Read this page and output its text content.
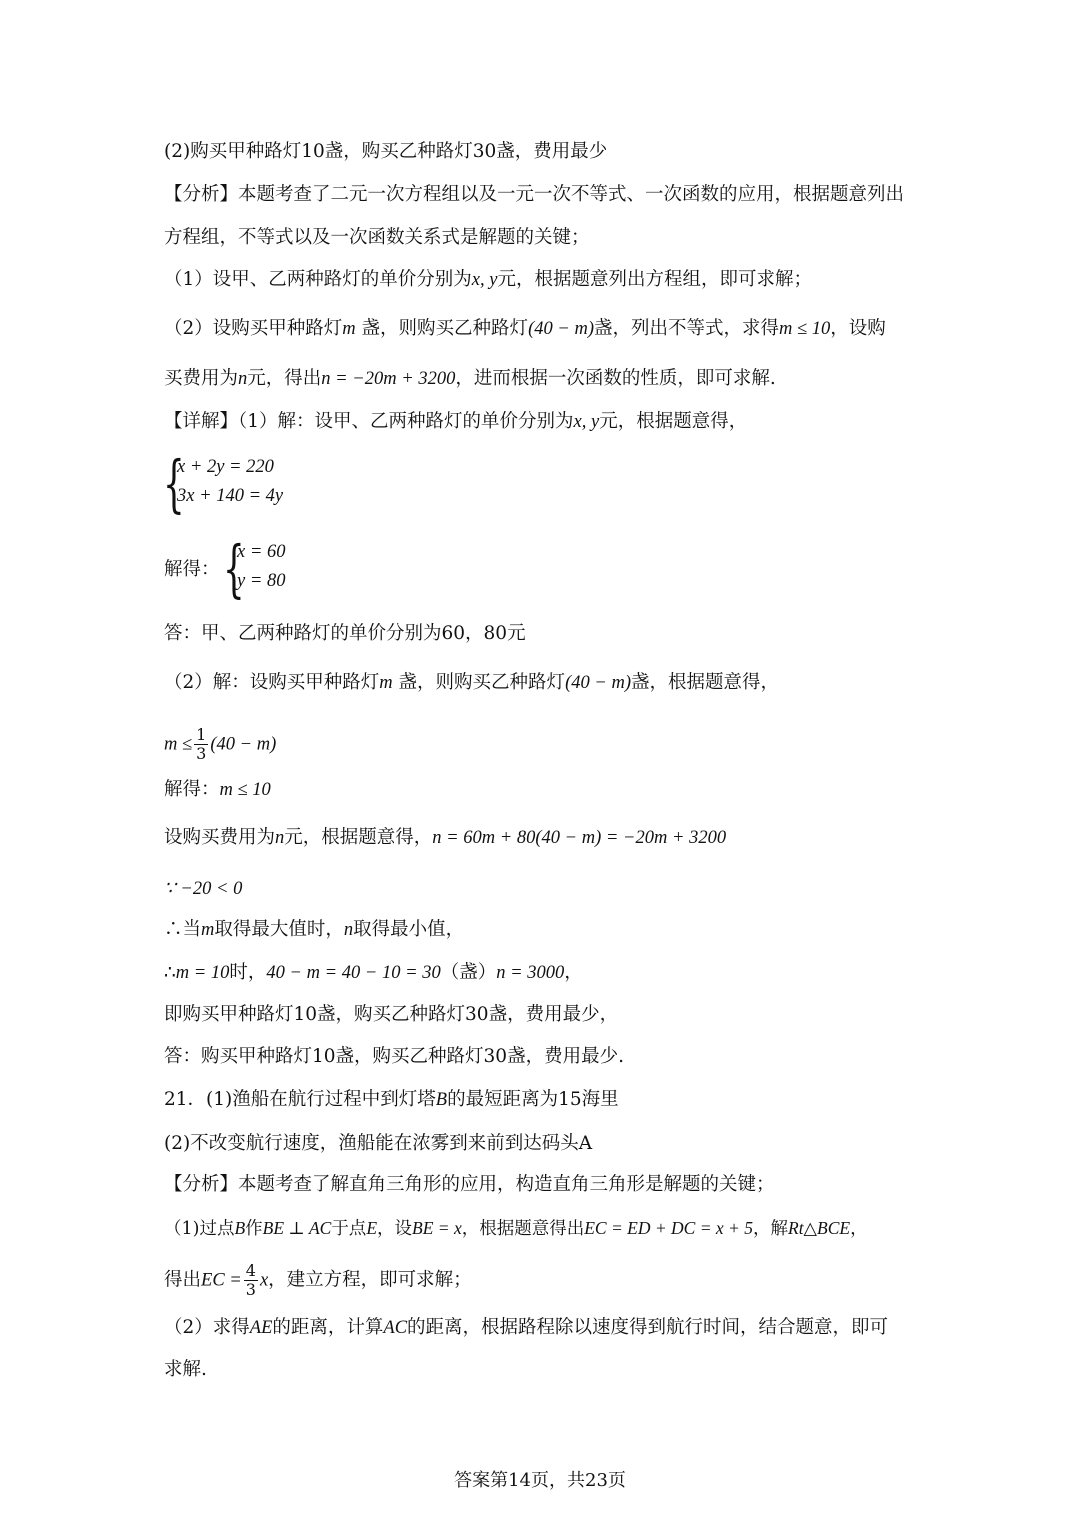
(2)购买甲种路灯10盏，购买乙种路灯30盏，费用最少
【分析】本题考查了二元一次方程组以及一元一次不等式、一次函数的应用，根据题意列出
方程组，不等式以及一次函数关系式是解题的关键；
（1）设甲、乙两种路灯的单价分别为x, y元，根据题意列出方程组，即可求解；
（2）设购买甲种路灯m 盏，则购买乙种路灯(40 − m)盏，列出不等式，求得m ≤ 10，设购
买费用为n元，得出n = −20m + 3200，进而根据一次函数的性质，即可求解.
【详解】（1）解：设甲、乙两种路灯的单价分别为x, y元，根据题意得，
{
x + 2y = 220
3x + 140 = 4y
解得： {
x = 60
y = 80
答：甲、乙两种路灯的单价分别为60，80元
（2）解：设购买甲种路灯m 盏，则购买乙种路灯(40 − m)盏，根据题意得，
$m \le \frac{1}{3} (40 - m)$
解得：m ≤ 10
设购买费用为n元，根据题意得，n = 60m + 80(40 − m) = −20m + 3200
∵ −20 < 0
∴当m取得最大值时，n取得最小值，
∴m = 10时，40 − m = 40 − 10 = 30（盏）n = 3000，
即购买甲种路灯10盏，购买乙种路灯30盏，费用最少，
答：购买甲种路灯10盏，购买乙种路灯30盏，费用最少.
21．(1)渔船在航行过程中到灯塔B的最短距离为15海里
(2)不改变航行速度，渔船能在浓雾到来前到达码头A
【分析】本题考查了解直角三角形的应用，构造直角三角形是解题的关键；
（1)过点B作BE ⊥ AC于点E，设BE = x，根据题意得出EC = ED + DC = x + 5，解Rt△BCE，
得出EC = $\frac{4}{3}$ x，建立方程，即可求解；
（2）求得AE的距离，计算AC的距离，根据路程除以速度得到航行时间，结合题意，即可
求解.
答案第14页，共23页
